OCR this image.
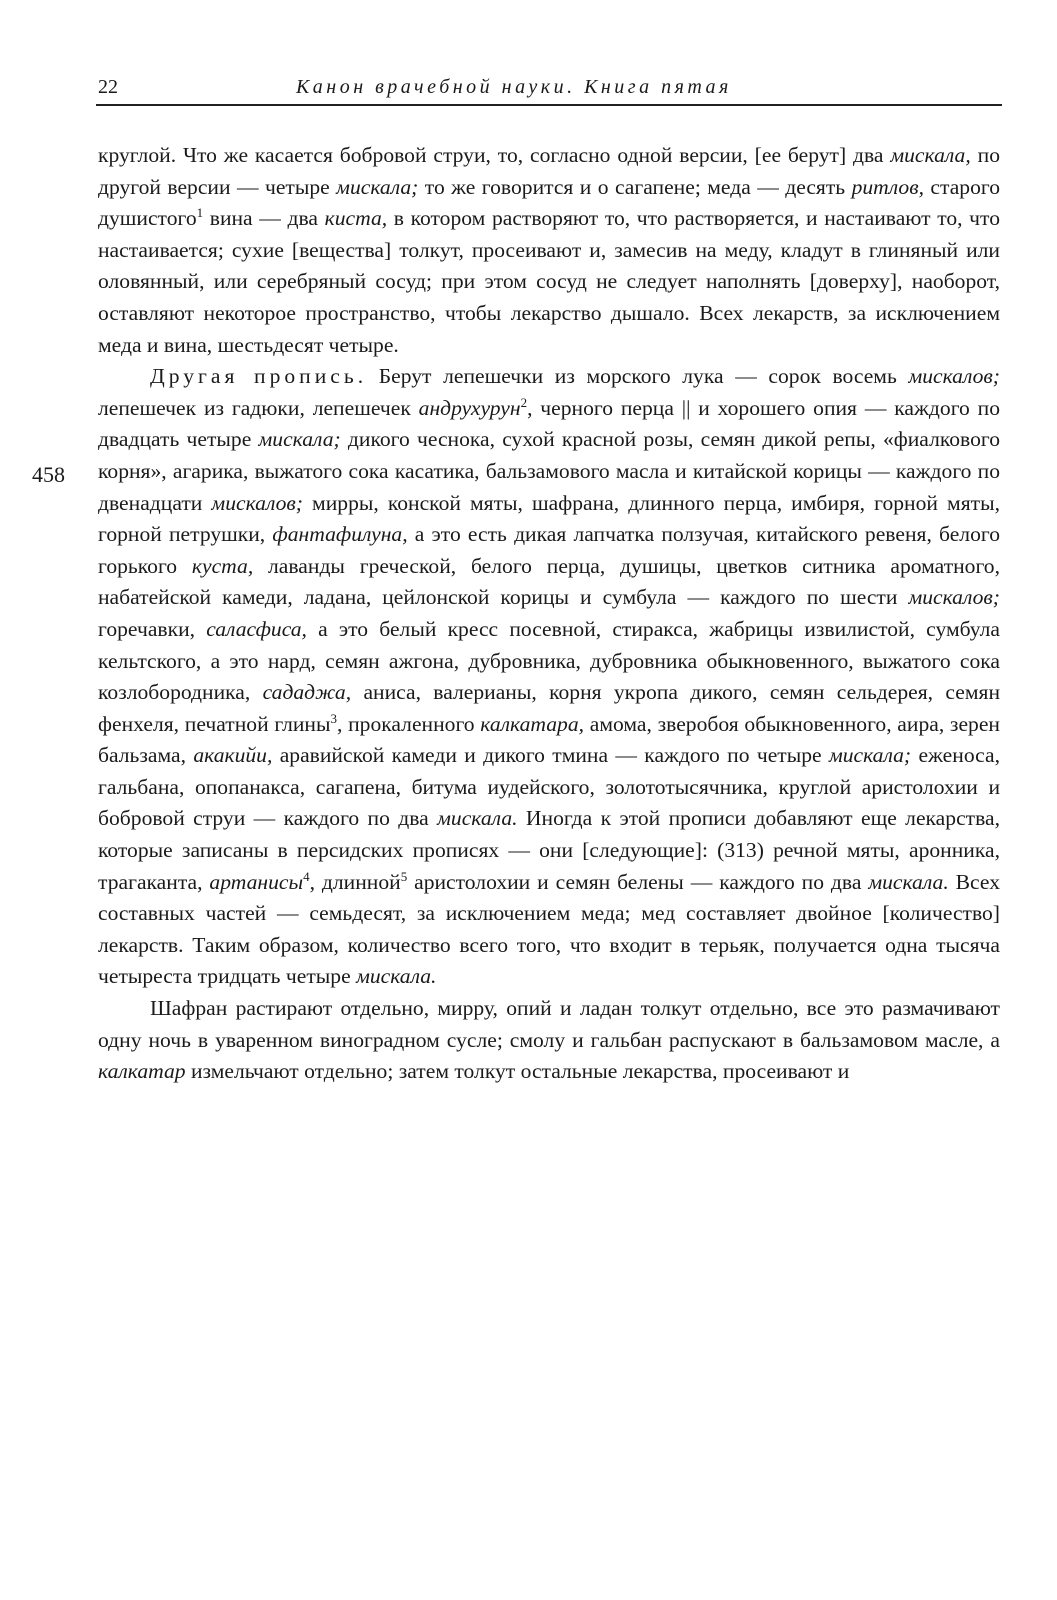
22	Канон врачебной науки. Книга пятая
458

круглой. Что же касается бобровой струи, то, согласно одной версии, [ее берут] два мискала, по другой версии — четыре мискала; то же говорится и о сагапене; меда — десять ритлов, старого душистого$^1$ вина — два киста, в котором растворяют то, что растворяется, и настаивают то, что настаивается; сухие [вещества] толкут, просеивают и, замесив на меду, кладут в глиняный или оловянный, или серебряный сосуд; при этом сосуд не следует наполнять [доверху], наоборот, оставляют некоторое пространство, чтобы лекарство дышало. Всех лекарств, за исключением меда и вина, шестьдесят четыре.

Другая пропись. Берут лепешечки из морского лука — сорок восемь мискалов; лепешечек из гадюки, лепешечек андрухурун$^2$, черного перца || и хорошего опия — каждого по двадцать четыре мискала; дикого чеснока, сухой красной розы, семян дикой репы, «фиалкового корня», агарика, выжатого сока касатика, бальзамового масла и китайской корицы — каждого по двенадцати мискалов; мирры, конской мяты, шафрана, длинного перца, имбиря, горной мяты, горной петрушки, фантафилуна, а это есть дикая лапчатка ползучая, китайского ревеня, белого горького куста, лаванды греческой, белого перца, душицы, цветков ситника ароматного, набатейской камеди, ладана, цейлонской корицы и сумбула — каждого по шести мискалов; горечавки, саласфиса, а это белый кресс посевной, стиракса, жабрицы извилистой, сумбула кельтского, а это нард, семян ажгона, дубровника, дубровника обыкновенного, выжатого сока козлобородника, сададжа, аниса, валерианы, корня укропа дикого, семян сельдерея, семян фенхеля, печатной глины$^3$, прокаленного калкатара, амома, зверобоя обыкновенного, аира, зерен бальзама, акакийи, аравийской камеди и дикого тмина — каждого по четыре мискала; еженоса, гальбана, опопанакса, сагапена, битума иудейского, золототысячника, круглой аристолохии и бобровой струи — каждого по два мискала. Иногда к этой прописи добавляют еще лекарства, которые записаны в персидских прописях — они [следующие]: (313) речной мяты, аронника, трагаканта, артанисы$^4$, длинной$^5$ аристолохии и семян белены — каждого по два мискала. Всех составных частей — семьдесят, за исключением меда; мед составляет двойное [количество] лекарств. Таким образом, количество всего того, что входит в терьяк, получается одна тысяча четыреста тридцать четыре мискала.

Шафран растирают отдельно, мирру, опий и ладан толкут отдельно, все это размачивают одну ночь в уваренном виноградном сусле; смолу и гальбан распускают в бальзамовом масле, а калкатар измельчают отдельно; затем толкут остальные лекарства, просеивают и
